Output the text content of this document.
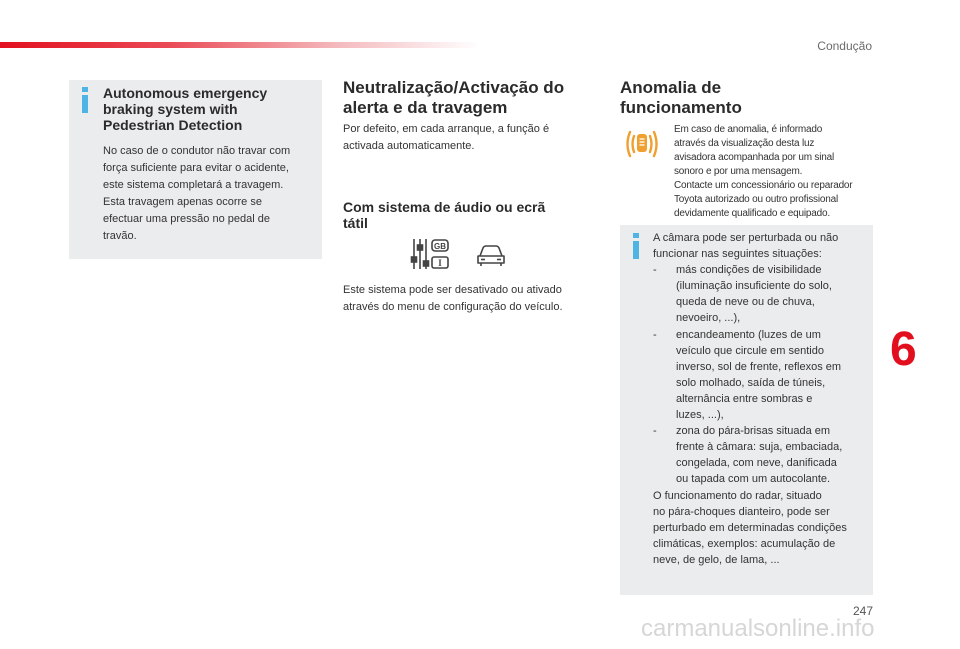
Condução
Autonomous emergency
braking system with
Pedestrian Detection
No caso de o condutor não travar com
força suficiente para evitar o acidente,
este sistema completará a travagem.
Esta travagem apenas ocorre se
efectuar uma pressão no pedal de
travão.
Neutralização/Activação do
alerta e da travagem
Por defeito, em cada arranque, a função é
activada automaticamente.
Com sistema de áudio ou ecrã
tátil
GB
I
Este sistema pode ser desativado ou ativado
através do menu de configuração do veículo.
Anomalia de
funcionamento
Em caso de anomalia, é informado
através da visualização desta luz
avisadora acompanhada por um sinal
sonoro e por uma mensagem.
Contacte um concessionário ou reparador
Toyota autorizado ou outro profissional
devidamente qualificado e equipado.
A câmara pode ser perturbada ou não
funcionar nas seguintes situações:
- más condições de visibilidade
(iluminação insuficiente do solo,
queda de neve ou de chuva,
nevoeiro, ...),
- encandeamento (luzes de um
veículo que circule em sentido
inverso, sol de frente, reflexos em
solo molhado, saída de túneis,
alternância entre sombras e
luzes, ...),
- zona do pára-brisas situada em
frente à câmara: suja, embaciada,
congelada, com neve, danificada
ou tapada com um autocolante.
O funcionamento do radar, situado
no pára-choques dianteiro, pode ser
perturbado em determinadas condições
climáticas, exemplos: acumulação de
neve, de gelo, de lama, ...
6
247
carmanualsonline.info
